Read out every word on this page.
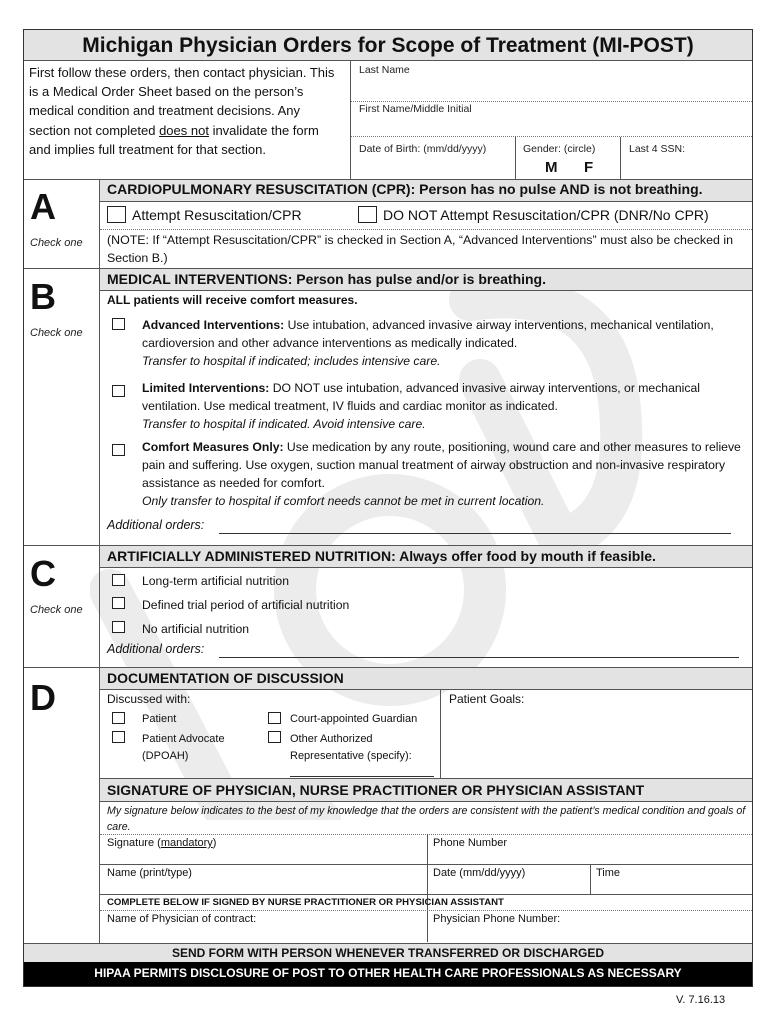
Michigan Physician Orders for Scope of Treatment (MI-POST)
First follow these orders, then contact physician. This is a Medical Order Sheet based on the person’s medical condition and treatment decisions. Any section not completed does not invalidate the form and implies full treatment for that section.
Last Name
First Name/Middle Initial
Date of Birth: (mm/dd/yyyy)	Gender: (circle)
M F
Last 4 SSN:
A
Check one
CARDIOPULMONARY RESUSCITATION (CPR): Person has no pulse AND is not breathing.
Attempt Resuscitation/CPR	DO NOT Attempt Resuscitation/CPR (DNR/No CPR)
(NOTE: If “Attempt Resuscitation/CPR” is checked in Section A, “Advanced Interventions” must also be checked in Section B.)
B
Check one
MEDICAL INTERVENTIONS: Person has pulse and/or is breathing.
ALL patients will receive comfort measures.
Advanced Interventions: Use intubation, advanced invasive airway interventions, mechanical ventilation, cardioversion and other advance interventions as medically indicated.
Transfer to hospital if indicated; includes intensive care.
Limited Interventions: DO NOT use intubation, advanced invasive airway interventions, or mechanical ventilation. Use medical treatment, IV fluids and cardiac monitor as indicated.
Transfer to hospital if indicated. Avoid intensive care.
Comfort Measures Only: Use medication by any route, positioning, wound care and other measures to relieve pain and suffering. Use oxygen, suction manual treatment of airway obstruction and non-invasive respiratory assistance as needed for comfort.
Only transfer to hospital if comfort needs cannot be met in current location.
Additional orders:
C
Check one
ARTIFICIALLY ADMINISTERED NUTRITION: Always offer food by mouth if feasible.
Long-term artificial nutrition
Defined trial period of artificial nutrition
No artificial nutrition
Additional orders:
D	DOCUMENTATION OF DISCUSSION
Discussed with:	Patient Goals:
Patient
Patient Advocate (DPOAH)
Court-appointed Guardian
Other Authorized Representative (specify):
SIGNATURE OF PHYSICIAN, NURSE PRACTITIONER OR PHYSICIAN ASSISTANT
My signature below indicates to the best of my knowledge that the orders are consistent with the patient’s medical condition and goals of care.
Signature (mandatory)	Phone Number
Name (print/type)	Date (mm/dd/yyyy)	Time
COMPLETE BELOW IF SIGNED BY NURSE PRACTITIONER OR PHYSICIAN ASSISTANT
Name of Physician of contract:	Physician Phone Number:
SEND FORM WITH PERSON WHENEVER TRANSFERRED OR DISCHARGED
HIPAA PERMITS DISCLOSURE OF POST TO OTHER HEALTH CARE PROFESSIONALS AS NECESSARY
V. 7.16.13
